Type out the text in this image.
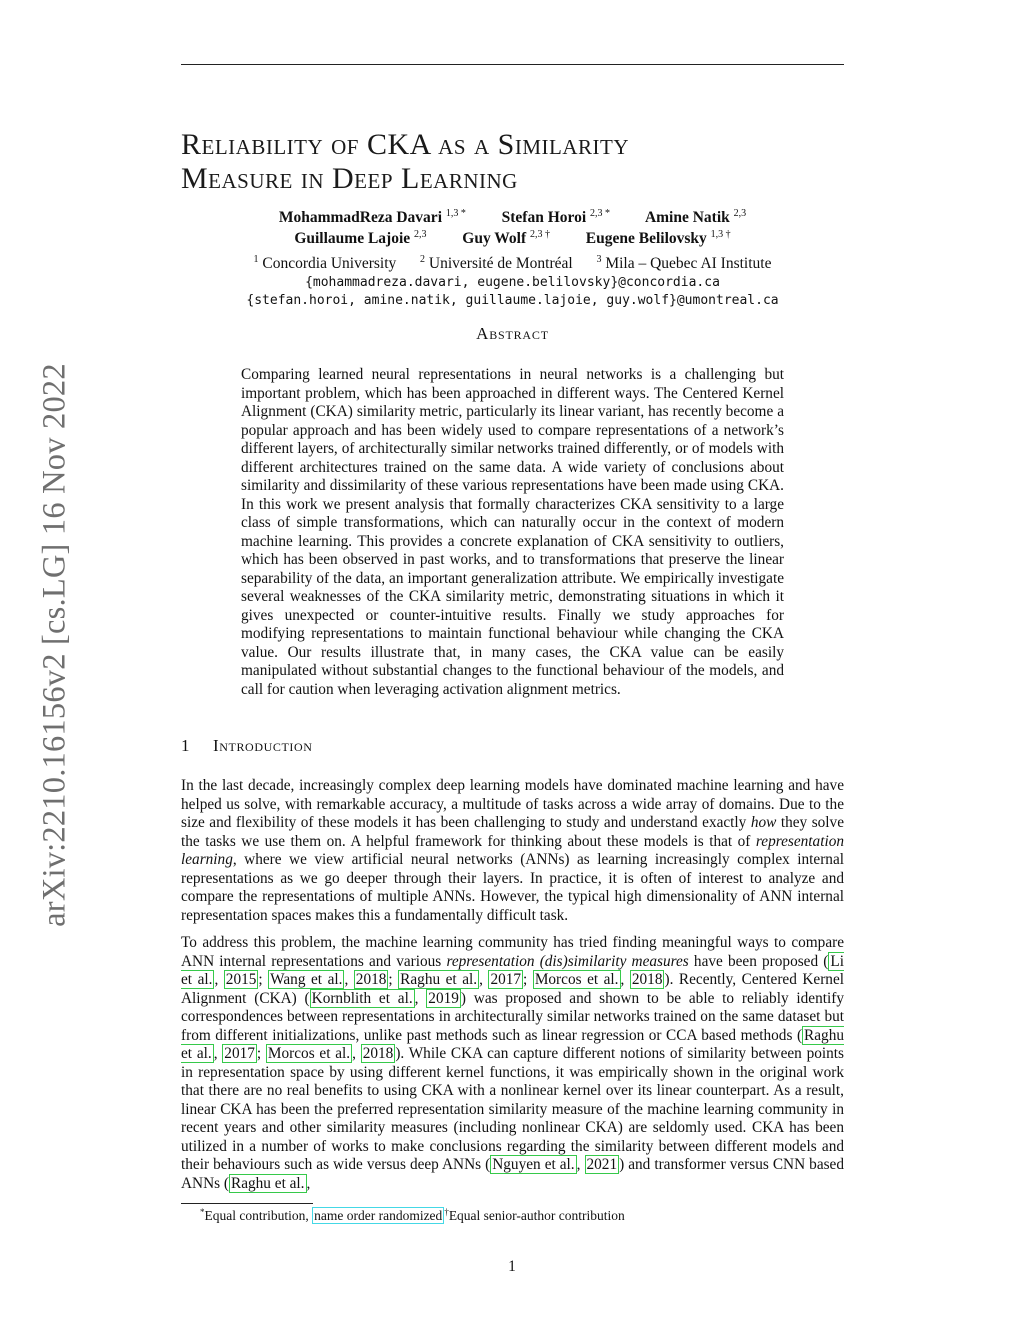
arXiv:2210.16156v2 [cs.LG] 16 Nov 2022
Reliability of CKA as a Similarity
Measure in Deep Learning
MohammadReza Davari $^{1,3 *}$ Stefan Horoi $^{2,3 *}$ Amine Natik $^{2,3}$
Guillaume Lajoie $^{2,3}$ Guy Wolf $^{2,3 \dagger}$ Eugene Belilovsky $^{1,3 \dagger}$
$^1$ Concordia University $^2$ Université de Montréal $^3$ Mila – Quebec AI Institute
{mohammadreza.davari, eugene.belilovsky}@concordia.ca
{stefan.horoi, amine.natik, guillaume.lajoie, guy.wolf}@umontreal.ca
Abstract
Comparing learned neural representations in neural networks is a challenging but important problem, which has been approached in different ways. The Centered Kernel Alignment (CKA) similarity metric, particularly its linear variant, has recently become a popular approach and has been widely used to compare representations of a network’s different layers, of architecturally similar networks trained differently, or of models with different architectures trained on the same data. A wide variety of conclusions about similarity and dissimilarity of these various representations have been made using CKA. In this work we present analysis that formally characterizes CKA sensitivity to a large class of simple transformations, which can naturally occur in the context of modern machine learning. This provides a concrete explanation of CKA sensitivity to outliers, which has been observed in past works, and to transformations that preserve the linear separability of the data, an important generalization attribute. We empirically investigate several weaknesses of the CKA similarity metric, demonstrating situations in which it gives unexpected or counter-intuitive results. Finally we study approaches for modifying representations to maintain functional behaviour while changing the CKA value. Our results illustrate that, in many cases, the CKA value can be easily manipulated without substantial changes to the functional behaviour of the models, and call for caution when leveraging activation alignment metrics.
1 Introduction
In the last decade, increasingly complex deep learning models have dominated machine learning and have helped us solve, with remarkable accuracy, a multitude of tasks across a wide array of domains. Due to the size and flexibility of these models it has been challenging to study and understand exactly how they solve the tasks we use them on. A helpful framework for thinking about these models is that of representation learning, where we view artificial neural networks (ANNs) as learning increasingly complex internal representations as we go deeper through their layers. In practice, it is often of interest to analyze and compare the representations of multiple ANNs. However, the typical high dimensionality of ANN internal representation spaces makes this a fundamentally difficult task.
To address this problem, the machine learning community has tried finding meaningful ways to compare ANN internal representations and various representation (dis)similarity measures have been proposed ( Li et al. , 2015 ; Wang et al. , 2018 ; Raghu et al. , 2017 ; Morcos et al. , 2018 ). Recently, Centered Kernel Alignment (CKA) ( Kornblith et al. , 2019 ) was proposed and shown to be able to reliably identify correspondences between representations in architecturally similar networks trained on the same dataset but from different initializations, unlike past methods such as linear regression or CCA based methods ( Raghu et al. , 2017 ; Morcos et al. , 2018 ). While CKA can capture different notions of similarity between points in representation space by using different kernel functions, it was empirically shown in the original work that there are no real benefits to using CKA with a nonlinear kernel over its linear counterpart. As a result, linear CKA has been the preferred representation similarity measure of the machine learning community in recent years and other similarity measures (including nonlinear CKA) are seldomly used. CKA has been utilized in a number of works to make conclusions regarding the similarity between different models and their behaviours such as wide versus deep ANNs ( Nguyen et al. , 2021 ) and transformer versus CNN based ANNs ( Raghu et al. ,
*Equal contribution, name order randomized †Equal senior-author contribution
1
